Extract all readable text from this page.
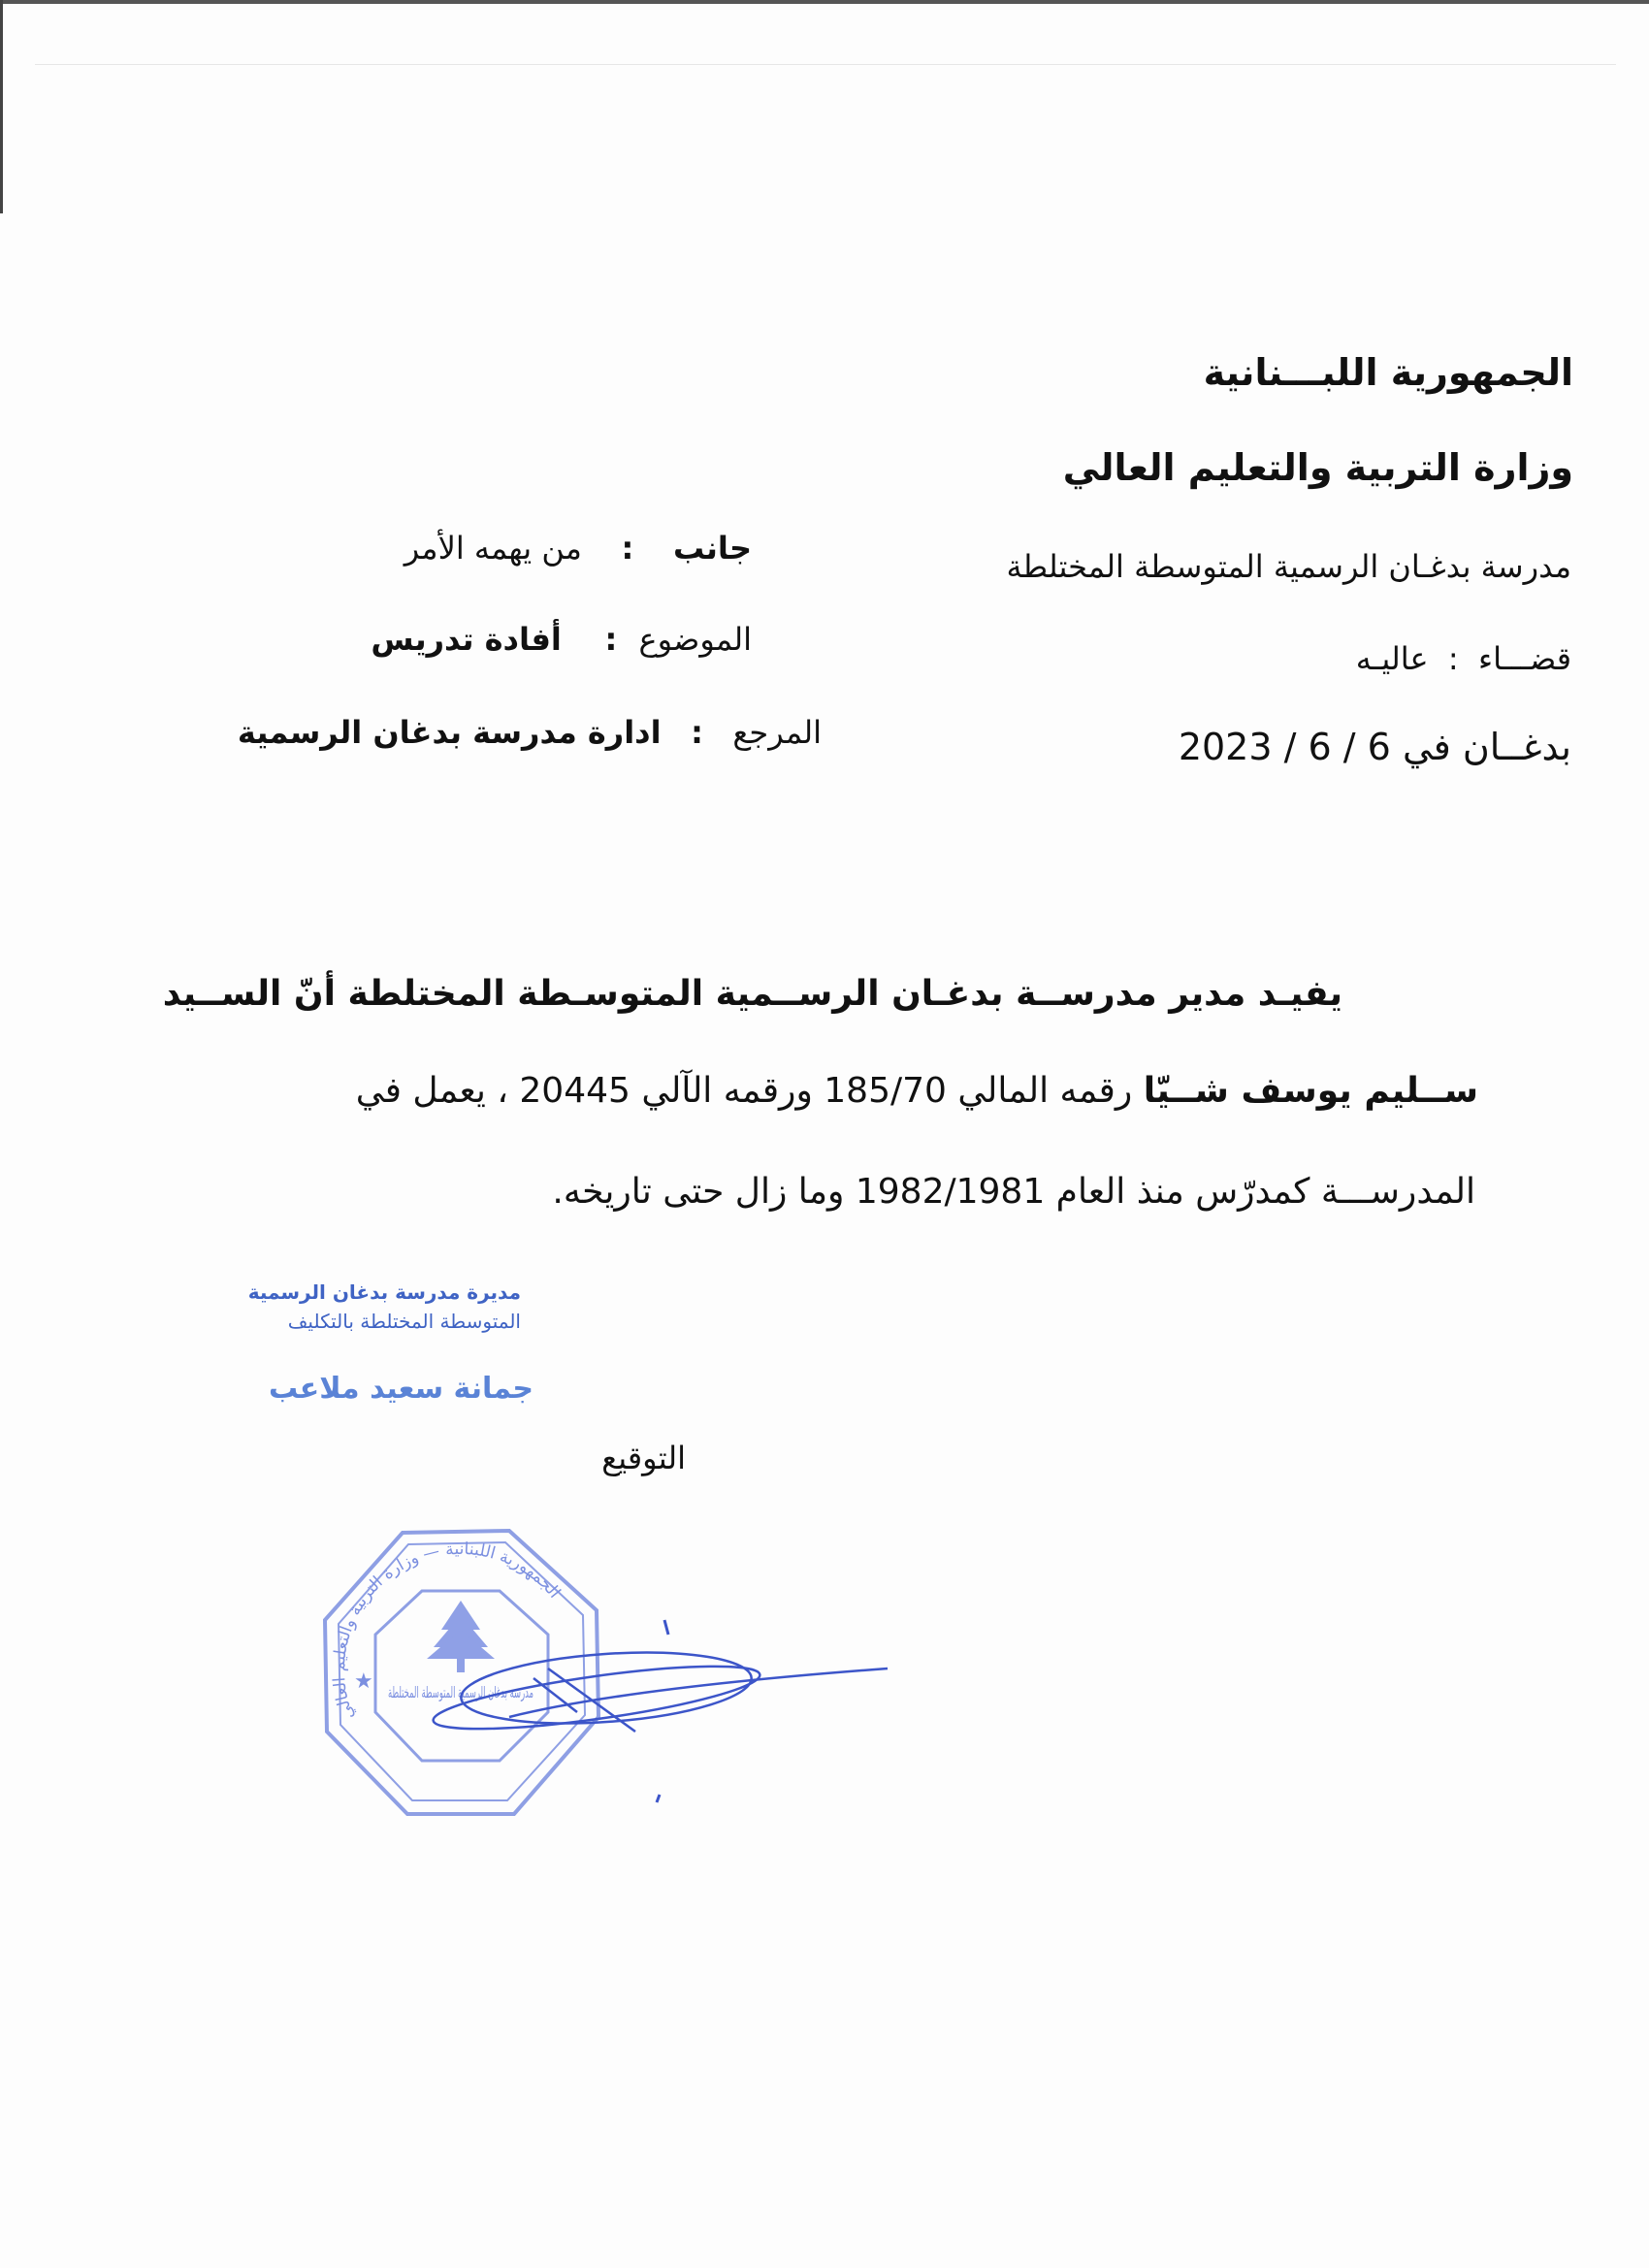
الجمهورية اللبـــنانية
وزارة التربية والتعليم العالي
مدرسة بدغـان الرسمية المتوسطة المختلطة
قضـــاء  :  عاليـه
بدغــان في 6 / 6 / 2023
جانب    :    من يهمه الأمر
الموضوع  :    أفادة تدريس
المرجع   :   ادارة مدرسة بدغان الرسمية
يفيـد مدير مدرســة بدغـان الرســمية المتوسـطة المختلطة أنّ الســيد
ســليم يوسف شــيّا رقمه المالي 185/70 ورقمه الآلي 20445 ، يعمل في
المدرســـة كمدرّس منذ العام 1982/1981 وما زال حتى تاريخه.
مديرة مدرسة بدغان الرسمية
المتوسطة المختلطة بالتكليف
جمانة سعيد ملاعب
التوقيع
★ مدرسة بدغان الرسمية المتوسطة المختلطة
الجمهورية اللبنانية — وزارة التربية والتعليم العالي
